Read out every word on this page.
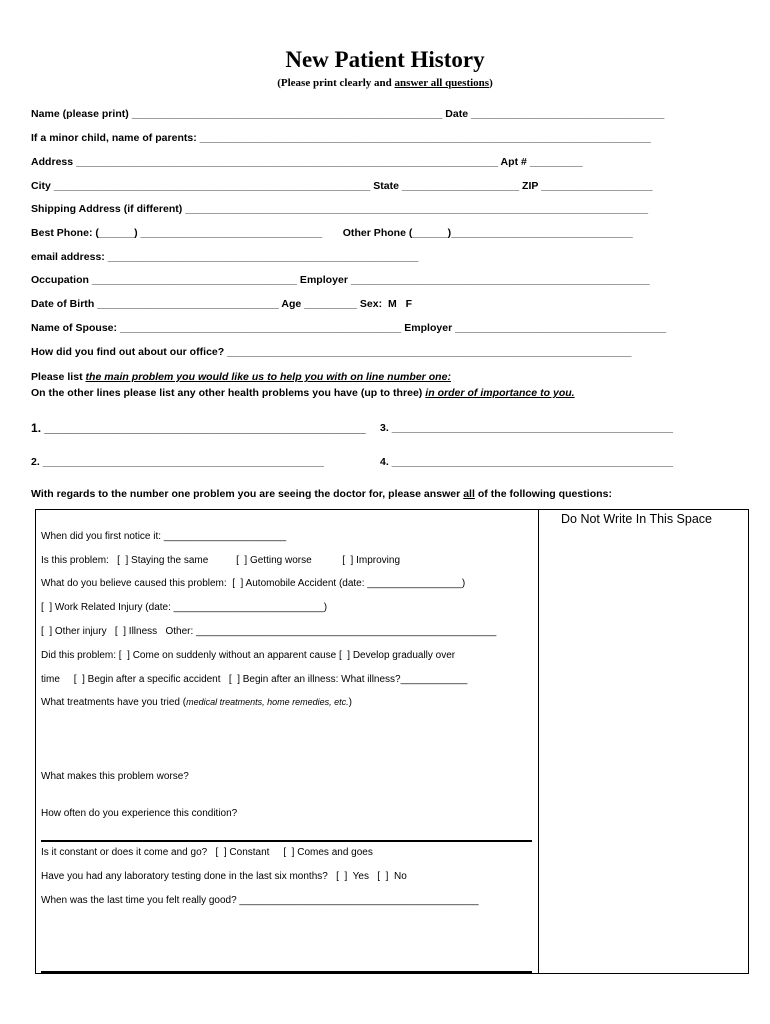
New Patient History
(Please print clearly and answer all questions)
Name (please print) _____________________________________________________ Date _________________________________
If a minor child, name of parents: _____________________________________________________________________________
Address ________________________________________________________________________ Apt # _________
City ______________________________________________________ State ____________________ ZIP ___________________
Shipping Address (if different) _______________________________________________________________________________
Best Phone: (______) _______________________________       Other Phone (______)_______________________________
email address: _____________________________________________________
Occupation ___________________________________ Employer ___________________________________________________
Date of Birth _______________________________ Age _________ Sex:  M   F
Name of Spouse: ________________________________________________ Employer ____________________________________
How did you find out about our office? _____________________________________________________________________
Please list the main problem you would like us to help you with on line number one:
On the other lines please list any other health problems you have (up to three) in order of importance to you.
1. ________________________________________________ 3. ________________________________________________
2. ________________________________________________	4. ________________________________________________
With regards to the number one problem you are seeing the doctor for, please answer all of the following questions:
Do Not Write In This Space
When did you first notice it: ______________________
Is this problem:   [  ] Staying the same          [  ] Getting worse           [  ] Improving
What do you believe caused this problem:  [  ] Automobile Accident (date: _________________)
[  ] Work Related Injury (date: ___________________________)
[  ] Other injury   [  ] Illness   Other: ______________________________________________________
Did this problem: [  ] Come on suddenly without an apparent cause [  ] Develop gradually over
time     [  ] Begin after a specific accident   [  ] Begin after an illness: What illness?____________
What treatments have you tried (medical treatments, home remedies, etc.)
What makes this problem worse?
How often do you experience this condition?
Is it constant or does it come and go?   [  ] Constant     [  ] Comes and goes
Have you had any laboratory testing done in the last six months?   [  ]  Yes   [  ]  No
When was the last time you felt really good? ___________________________________________
